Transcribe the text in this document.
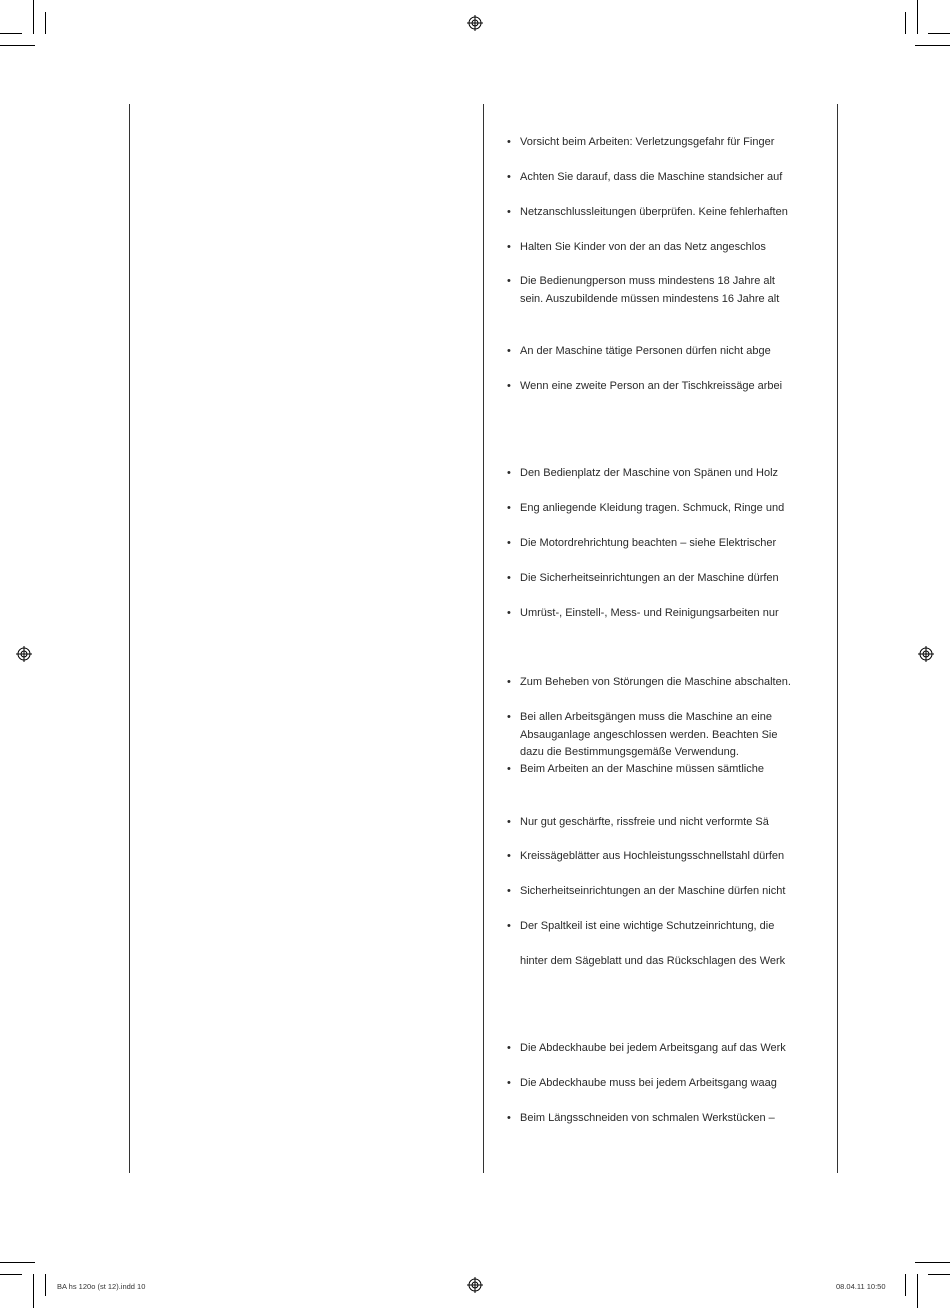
• Vorsicht beim Arbeiten: Verletzungsgefahr für Finger
• Achten Sie darauf, dass die Maschine standsicher auf
• Netzanschlussleitungen überprüfen. Keine fehlerhaften
• Halten Sie Kinder von der an das Netz angeschlos
• Die Bedienungperson muss mindestens 18 Jahre alt
sein. Auszubildende müssen mindestens 16 Jahre alt
• An der Maschine tätige Personen dürfen nicht abge
• Wenn eine zweite Person an der Tischkreissäge arbei
• Den Bedienplatz der Maschine von Spänen und Holz
• Eng anliegende Kleidung tragen. Schmuck, Ringe und
• Die Motordrehrichtung beachten – siehe Elektrischer
• Die Sicherheitseinrichtungen an der Maschine dürfen
• Umrüst-, Einstell-, Mess- und Reinigungsarbeiten nur
• Zum Beheben von Störungen die Maschine abschalten.
• Bei allen Arbeitsgängen muss die Maschine an eine
Absauganlage angeschlossen werden. Beachten Sie
dazu die Bestimmungsgemäße Verwendung.
• Beim Arbeiten an der Maschine müssen sämtliche
• Nur gut geschärfte, rissfreie und nicht verformte Sä
• Kreissägeblätter aus Hochleistungsschnellstahl dürfen
• Sicherheitseinrichtungen an der Maschine dürfen nicht
• Der Spaltkeil ist eine wichtige Schutzeinrichtung, die
hinter dem Sägeblatt und das Rückschlagen des Werk
• Die Abdeckhaube bei jedem Arbeitsgang auf das Werk
• Die Abdeckhaube muss bei jedem Arbeitsgang waag
• Beim Längsschneiden von schmalen Werkstücken –
BA hs 120o (st 12).indd 10	08.04.11 10:50
